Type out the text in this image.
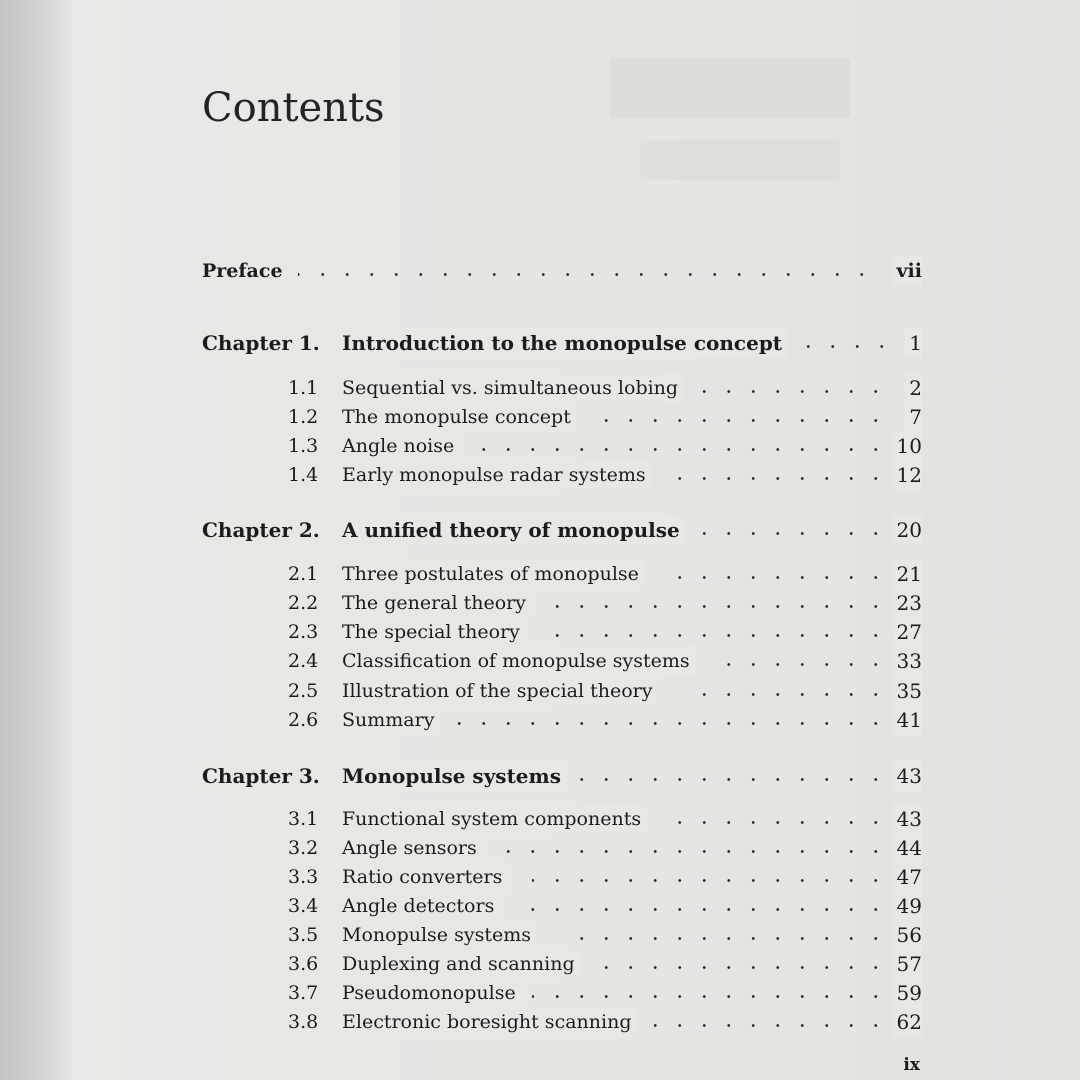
Contents
Preface	vii
Chapter 1.	Introduction to the monopulse concept	1
1.1	Sequential vs. simultaneous lobing	2
1.2	The monopulse concept	7
1.3	Angle noise	10
1.4	Early monopulse radar systems	12
Chapter 2.	A unified theory of monopulse	20
2.1	Three postulates of monopulse	21
2.2	The general theory	23
2.3	The special theory	27
2.4	Classification of monopulse systems	33
2.5	Illustration of the special theory	35
2.6	Summary	41
Chapter 3.	Monopulse systems	43
3.1	Functional system components	43
3.2	Angle sensors	44
3.3	Ratio converters	47
3.4	Angle detectors	49
3.5	Monopulse systems	56
3.6	Duplexing and scanning	57
3.7	Pseudomonopulse	59
3.8	Electronic boresight scanning	62
ix
